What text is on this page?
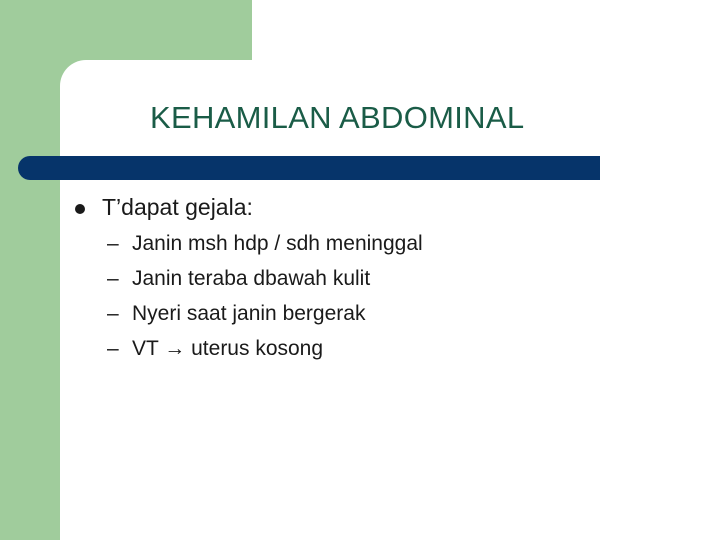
KEHAMILAN ABDOMINAL
T’dapat gejala:
– Janin msh hdp / sdh meninggal
– Janin teraba dbawah kulit
– Nyeri saat janin bergerak
– VT → uterus kosong
